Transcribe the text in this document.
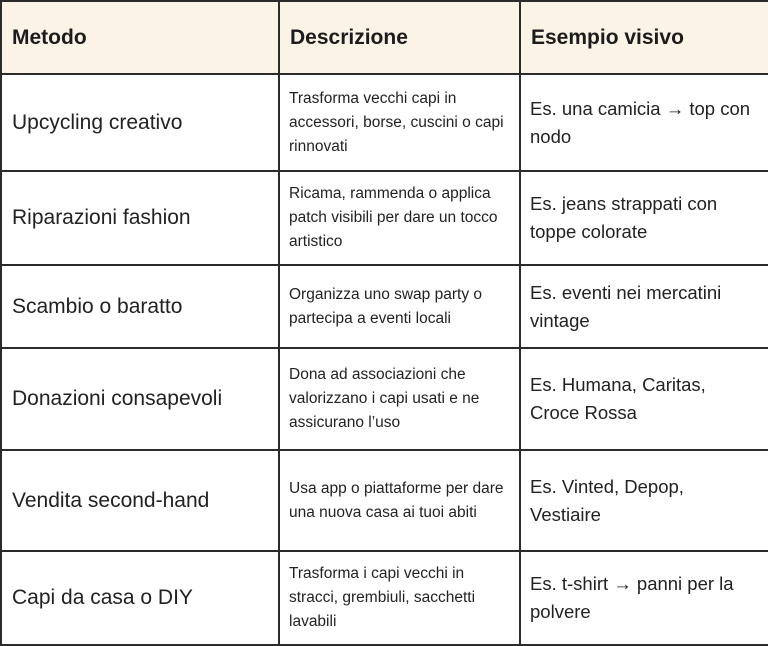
Metodo	Descrizione	Esempio visivo
Upcycling creativo	Trasforma vecchi capi in accessori, borse, cuscini o capi rinnovati	Es. una camicia → top con nodo
Riparazioni fashion	Ricama, rammenda o applica patch visibili per dare un tocco artistico	Es. jeans strappati con toppe colorate
Scambio o baratto	Organizza uno swap party o partecipa a eventi locali	Es. eventi nei mercatini vintage
Donazioni consapevoli	Dona ad associazioni che valorizzano i capi usati e ne assicurano l’uso	Es. Humana, Caritas, Croce Rossa
Vendita second-hand	Usa app o piattaforme per dare una nuova casa ai tuoi abiti	Es. Vinted, Depop, Vestiaire
Capi da casa o DIY	Trasforma i capi vecchi in stracci, grembiuli, sacchetti lavabili	Es. t-shirt → panni per la polvere
